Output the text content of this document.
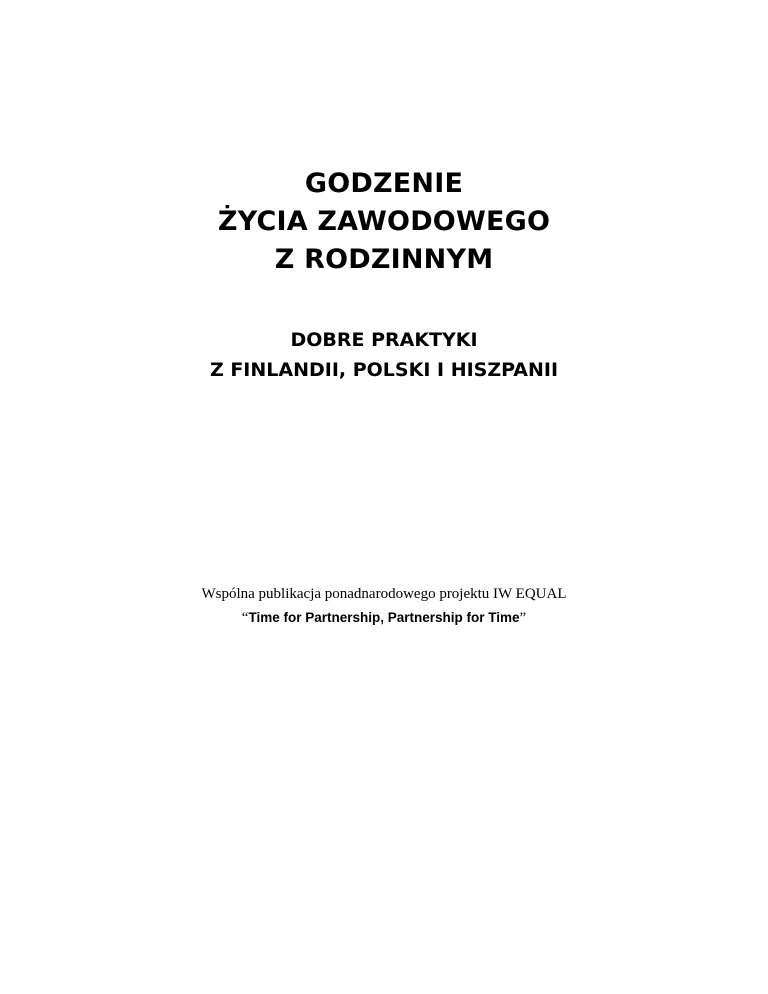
GODZENIE
ŻYCIA ZAWODOWEGO
Z RODZINNYM
DOBRE PRAKTYKI
Z FINLANDII, POLSKI I HISZPANII
Wspólna publikacja ponadnarodowego projektu IW EQUAL
“Time for Partnership, Partnership for Time”
